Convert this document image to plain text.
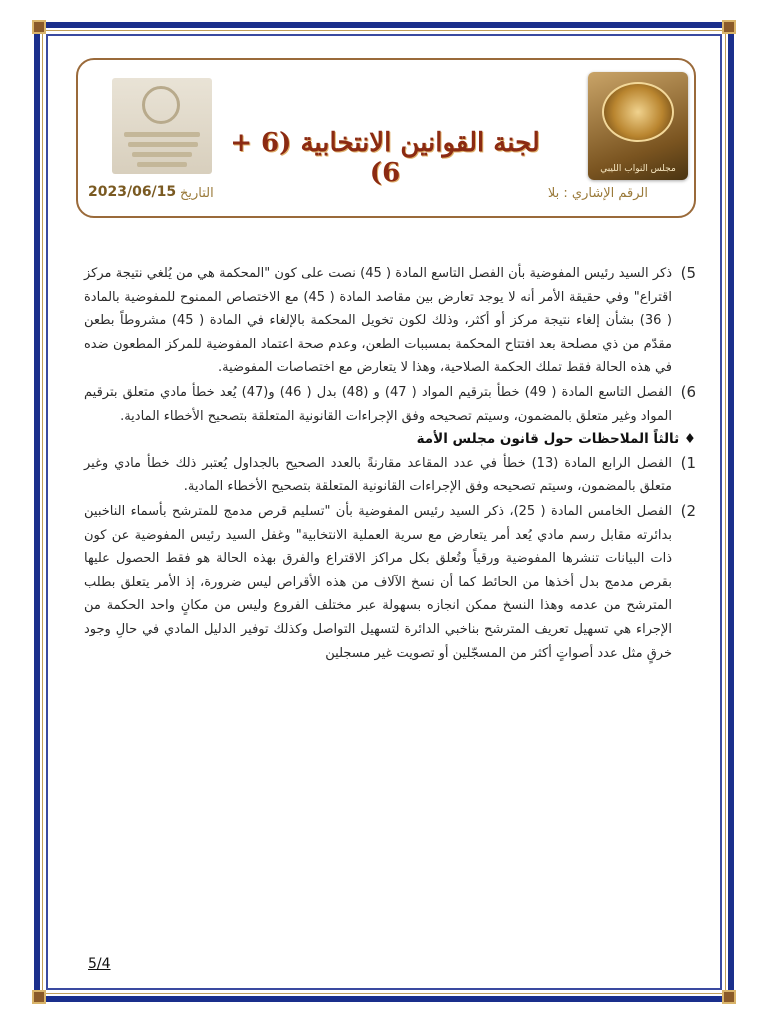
مجلس النواب الليبي
لجنة القوانين الانتخابية (6 + 6)
الرقم الإشاري : بلا
التاريخ
2023/06/15

5)
ذكر السيد رئيس المفوضية بأن الفصل التاسع المادة ( 45) نصت على كون "المحكمة هي من يُلغي نتيجة مركز اقتراع" وفي حقيقة الأمر أنه لا يوجد تعارض بين مقاصد المادة ( 45) مع الاختصاص الممنوح للمفوضية بالمادة ( 36) بشأن إلغاء نتيجة مركز أو أكثر، وذلك لكون تخويل المحكمة بالإلغاء في المادة ( 45) مشروطاً بطعن مقدّم من ذي مصلحة بعد افتتاح المحكمة بمسببات الطعن، وعدم صحة اعتماد المفوضية للمركز المطعون ضده في هذه الحالة فقط تملك الحكمة الصلاحية، وهذا لا يتعارض مع اختصاصات المفوضية.

6)
الفصل التاسع المادة ( 49) خطأ بترقيم المواد ( 47) و (48) بدل ( 46) و(47) يُعد خطأ مادي متعلق بترقيم المواد وغير متعلق بالمضمون، وسيتم تصحيحه وفق الإجراءات القانونية المتعلقة بتصحيح الأخطاء المادية.

♦ ثالثاً الملاحظات حول قانون مجلس الأمة

1)
الفصل الرابع المادة (13) خطأ في عدد المقاعد مقارنةً بالعدد الصحيح بالجداول يُعتبر ذلك خطأ مادي وغير متعلق بالمضمون، وسيتم تصحيحه وفق الإجراءات القانونية المتعلقة بتصحيح الأخطاء المادية.

2)
الفصل الخامس المادة ( 25)، ذكر السيد رئيس المفوضية بأن "تسليم قرص مدمج للمترشح بأسماء الناخبين بدائرته مقابل رسم مادي يُعد أمر يتعارض مع سرية العملية الانتخابية" وغفل السيد رئيس المفوضية عن كون ذات البيانات تنشرها المفوضية ورقياً وتُعلق بكل مراكز الاقتراع والفرق بهذه الحالة هو فقط الحصول عليها بقرص مدمج بدل أخذها من الحائط كما أن نسخ الآلاف من هذه الأقراص ليس ضرورة، إذ الأمر يتعلق بطلب المترشح من عدمه وهذا النسخ ممكن انجازه بسهولة عبر مختلف الفروع وليس من مكانٍ واحد الحكمة من الإجراء هي تسهيل تعريف المترشح بناخبي الدائرة لتسهيل التواصل وكذلك توفير الدليل المادي في حالِ وجود خرقٍ مثل عدد أصواتٍ أكثر من المسجّلين أو تصويت غير مسجلين

5/4
